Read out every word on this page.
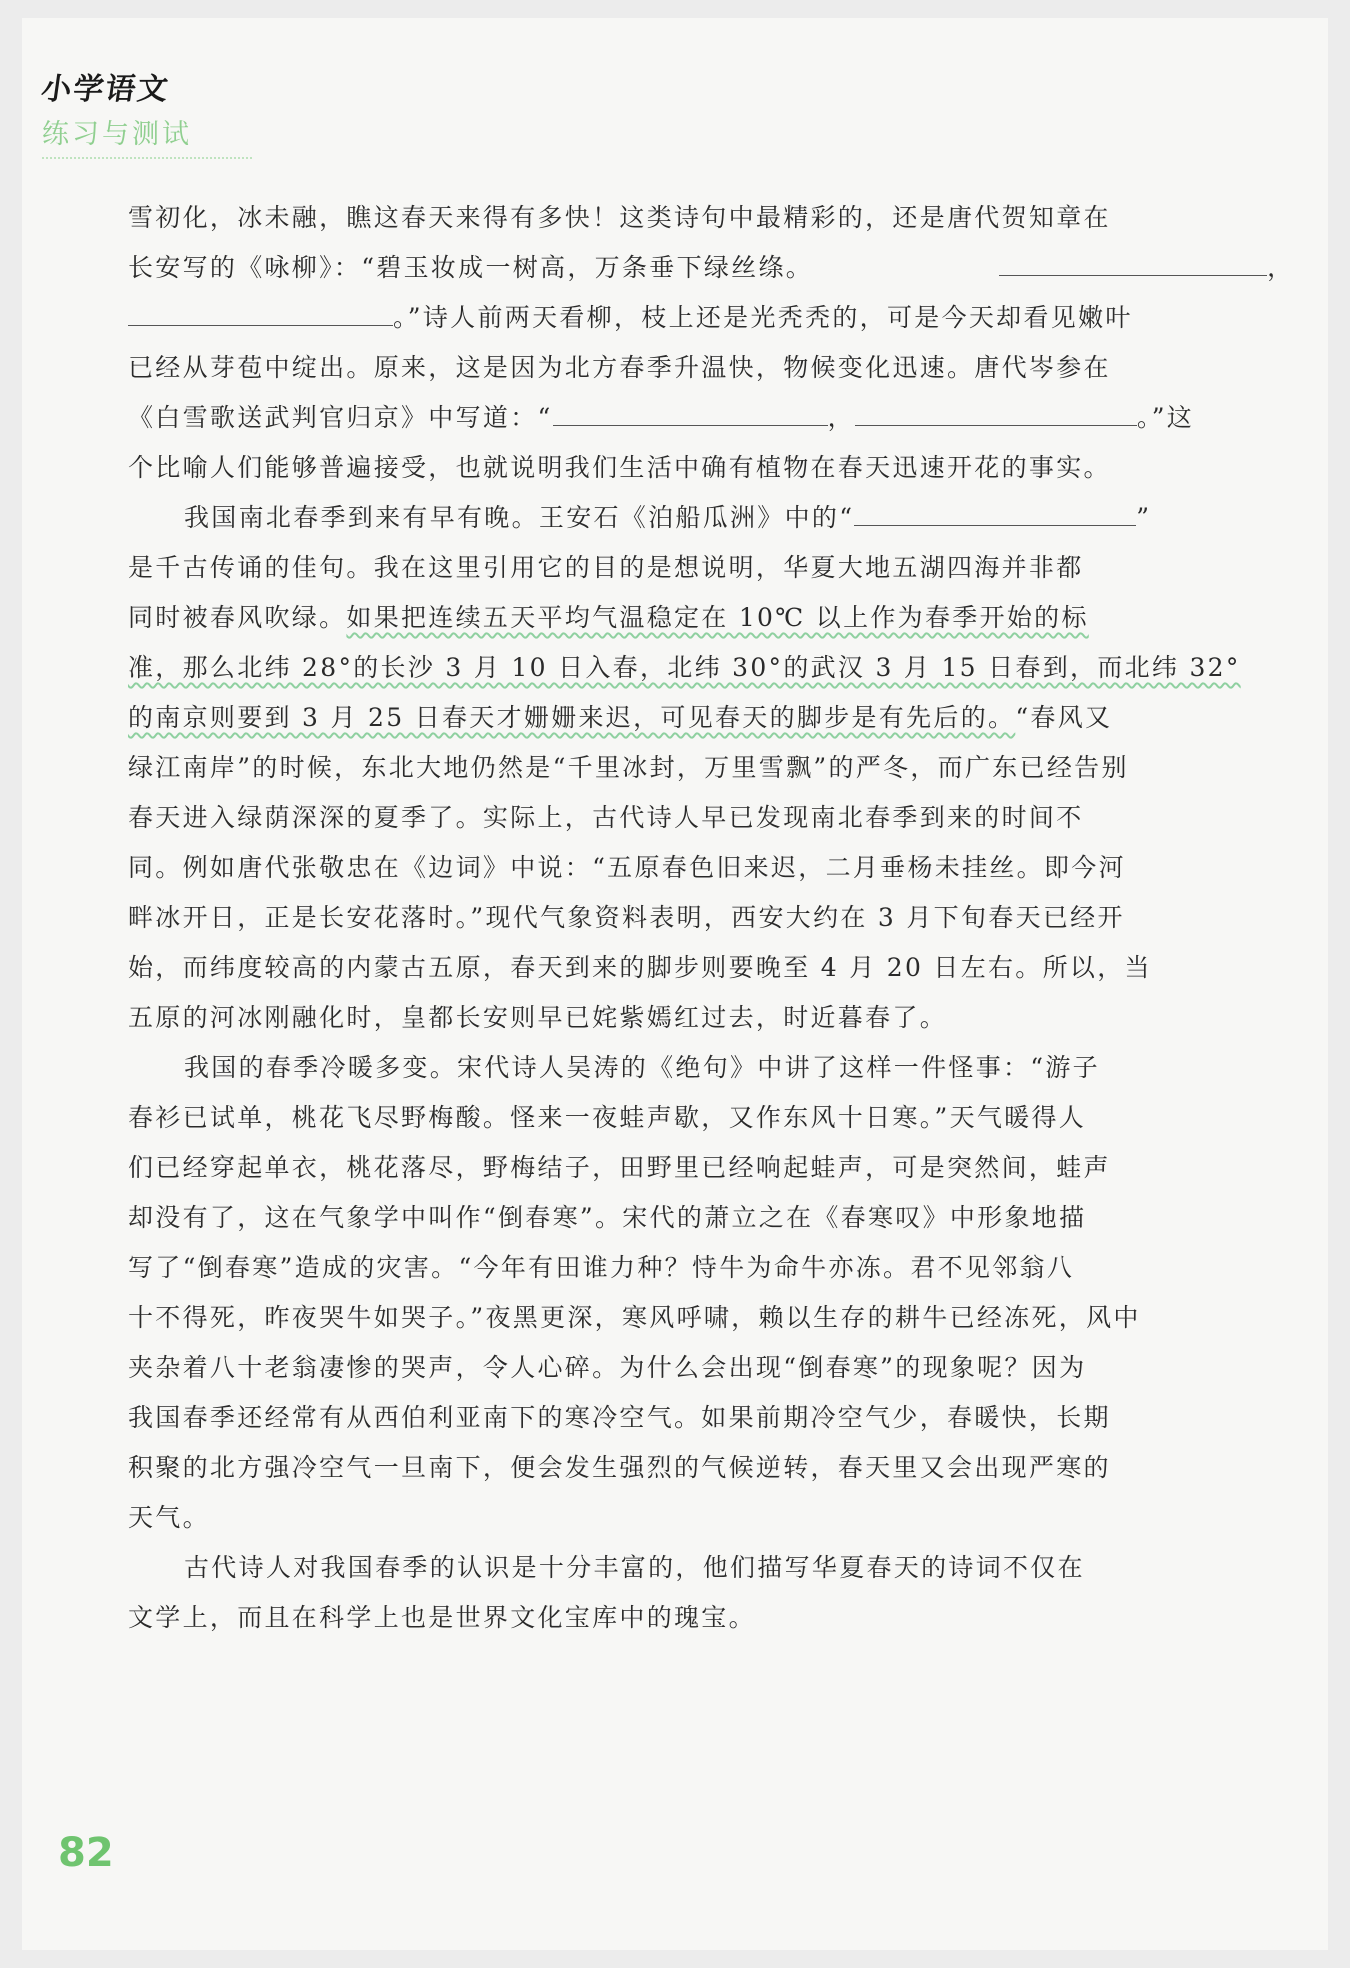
小学语文
练习与测试
雪初化，冰未融，瞧这春天来得有多快！这类诗句中最精彩的，还是唐代贺知章在
长安写的《咏柳》：“碧玉妆成一树高，万条垂下绿丝绦。	，
。”诗人前两天看柳，枝上还是光秃秃的，可是今天却看见嫩叶
已经从芽苞中绽出。原来，这是因为北方春季升温快，物候变化迅速。唐代岑参在
《白雪歌送武判官归京》中写道：“	，	。”这
个比喻人们能够普遍接受，也就说明我们生活中确有植物在春天迅速开花的事实。
我国南北春季到来有早有晚。王安石《泊船瓜洲》中的“	”
是千古传诵的佳句。我在这里引用它的目的是想说明，华夏大地五湖四海并非都
同时被春风吹绿。如果把连续五天平均气温稳定在 10℃ 以上作为春季开始的标
准，那么北纬 28°的长沙 3 月 10 日入春，北纬 30°的武汉 3 月 15 日春到，而北纬 32°
的南京则要到 3 月 25 日春天才姗姗来迟，可见春天的脚步是有先后的。“春风又
绿江南岸”的时候，东北大地仍然是“千里冰封，万里雪飘”的严冬，而广东已经告别
春天进入绿荫深深的夏季了。实际上，古代诗人早已发现南北春季到来的时间不
同。例如唐代张敬忠在《边词》中说：“五原春色旧来迟，二月垂杨未挂丝。即今河
畔冰开日，正是长安花落时。”现代气象资料表明，西安大约在 3 月下旬春天已经开
始，而纬度较高的内蒙古五原，春天到来的脚步则要晚至 4 月 20 日左右。所以，当
五原的河冰刚融化时，皇都长安则早已姹紫嫣红过去，时近暮春了。
我国的春季冷暖多变。宋代诗人吴涛的《绝句》中讲了这样一件怪事：“游子
春衫已试单，桃花飞尽野梅酸。怪来一夜蛙声歇，又作东风十日寒。”天气暖得人
们已经穿起单衣，桃花落尽，野梅结子，田野里已经响起蛙声，可是突然间，蛙声
却没有了，这在气象学中叫作“倒春寒”。宋代的萧立之在《春寒叹》中形象地描
写了“倒春寒”造成的灾害。“今年有田谁力种？恃牛为命牛亦冻。君不见邻翁八
十不得死，昨夜哭牛如哭子。”夜黑更深，寒风呼啸，赖以生存的耕牛已经冻死，风中
夹杂着八十老翁凄惨的哭声，令人心碎。为什么会出现“倒春寒”的现象呢？因为
我国春季还经常有从西伯利亚南下的寒冷空气。如果前期冷空气少，春暖快，长期
积聚的北方强冷空气一旦南下，便会发生强烈的气候逆转，春天里又会出现严寒的
天气。
古代诗人对我国春季的认识是十分丰富的，他们描写华夏春天的诗词不仅在
文学上，而且在科学上也是世界文化宝库中的瑰宝。
82
